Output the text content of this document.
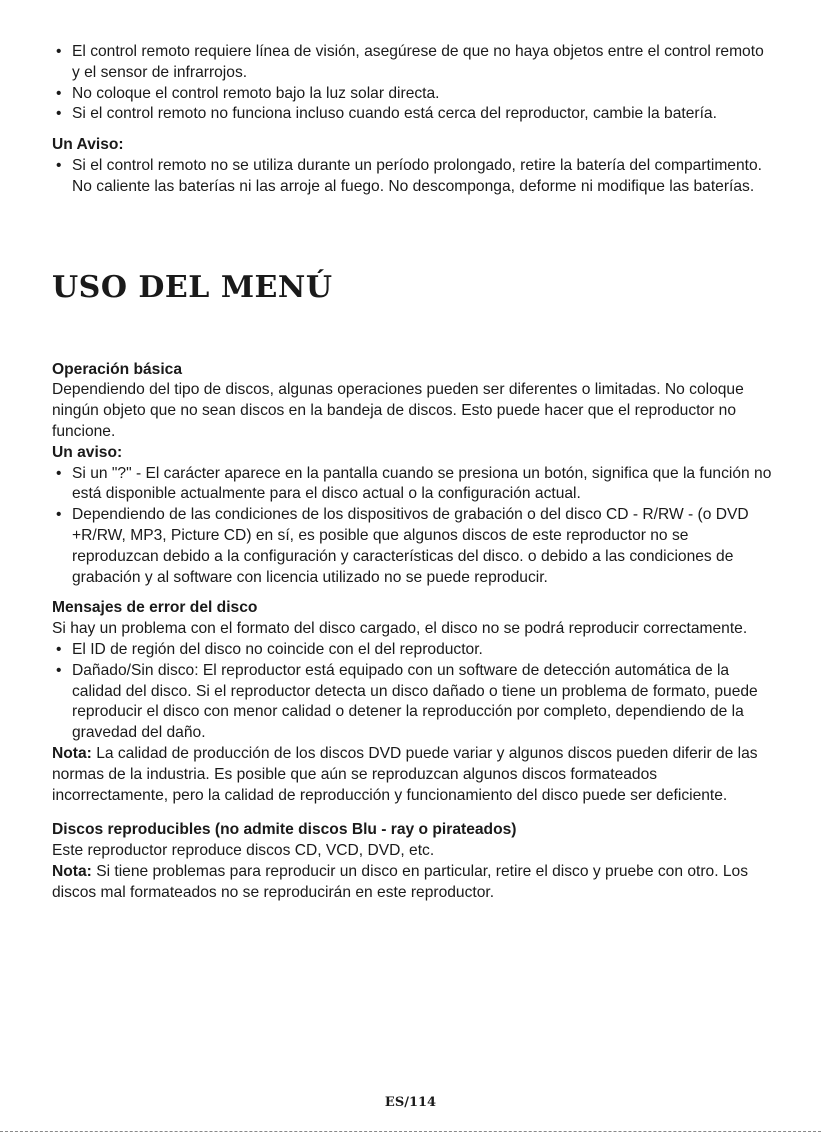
• El control remoto requiere línea de visión, asegúrese de que no haya objetos entre el control remoto y el sensor de infrarrojos.
• No coloque el control remoto bajo la luz solar directa.
• Si el control remoto no funciona incluso cuando está cerca del reproductor, cambie la batería.

Un Aviso:

• Si el control remoto no se utiliza durante un período prolongado, retire la batería del compartimento. No caliente las baterías ni las arroje al fuego. No descomponga, deforme ni modifique las baterías.
USO DEL MENÚ

Operación básica

Dependiendo del tipo de discos, algunas operaciones pueden ser diferentes o limitadas. No coloque ningún objeto que no sean discos en la bandeja de discos. Esto puede hacer que el reproductor no funcione.

Un aviso:

• Si un "?" - El carácter aparece en la pantalla cuando se presiona un botón, significa que la función no está disponible actualmente para el disco actual o la configuración actual.
• Dependiendo de las condiciones de los dispositivos de grabación o del disco CD - R/RW - (o DVD +R/RW, MP3, Picture CD) en sí, es posible que algunos discos de este reproductor no se reproduzcan debido a la configuración y características del disco. o debido a las condiciones de grabación y al software con licencia utilizado no se puede reproducir.

Mensajes de error del disco

Si hay un problema con el formato del disco cargado, el disco no se podrá reproducir correctamente.

• El ID de región del disco no coincide con el del reproductor.
• Dañado/Sin disco: El reproductor está equipado con un software de detección automática de la calidad del disco. Si el reproductor detecta un disco dañado o tiene un problema de formato, puede reproducir el disco con menor calidad o detener la reproducción por completo, dependiendo de la gravedad del daño.

Nota: La calidad de producción de los discos DVD puede variar y algunos discos pueden diferir de las normas de la industria. Es posible que aún se reproduzcan algunos discos formateados incorrectamente, pero la calidad de reproducción y funcionamiento del disco puede ser deficiente.

Discos reproducibles (no admite discos Blu - ray o pirateados)

Este reproductor reproduce discos CD, VCD, DVD, etc.

Nota: Si tiene problemas para reproducir un disco en particular, retire el disco y pruebe con otro. Los discos mal formateados no se reproducirán en este reproductor.

ES/114
